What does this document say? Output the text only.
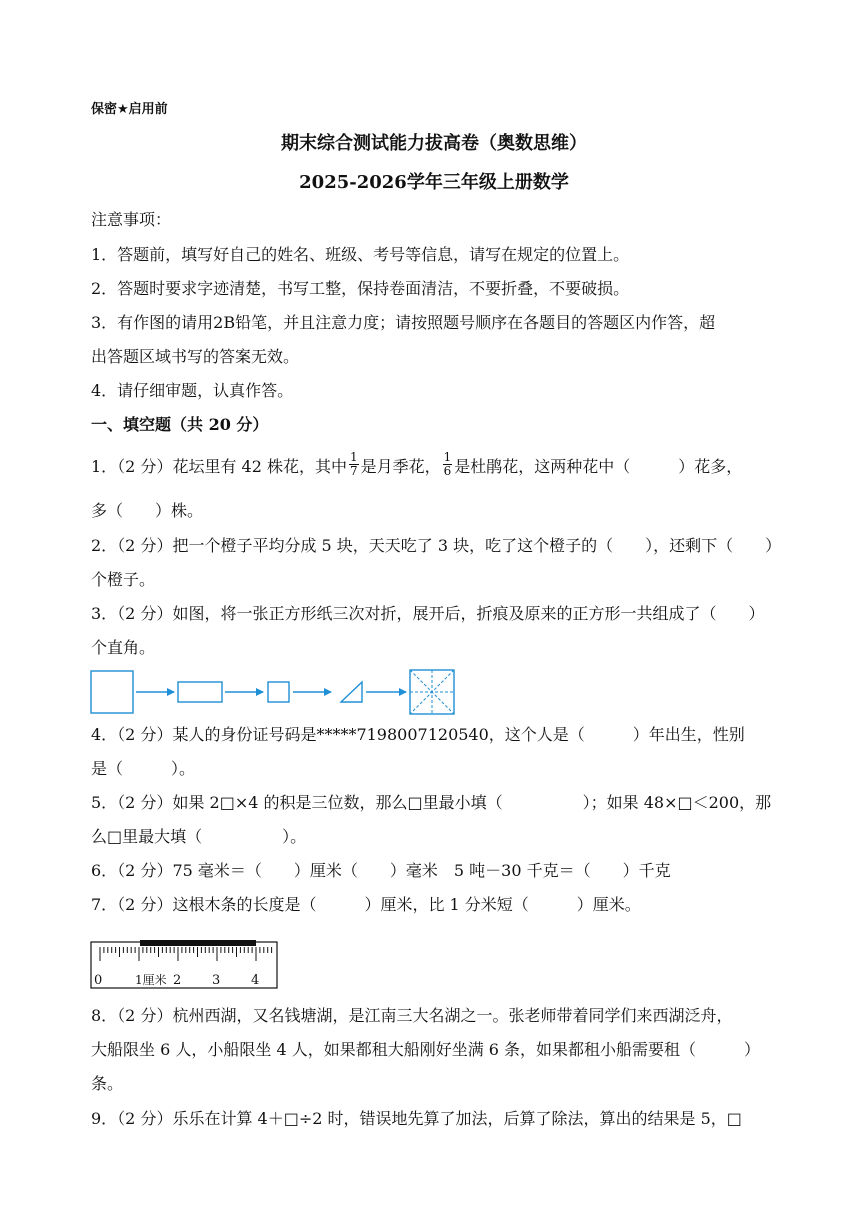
保密★启用前
期末综合测试能力拔高卷（奥数思维）
2025-2026学年三年级上册数学
注意事项：
1．答题前，填写好自己的姓名、班级、考号等信息，请写在规定的位置上。
2．答题时要求字迹清楚，书写工整，保持卷面清洁，不要折叠，不要破损。
3．有作图的请用2B铅笔，并且注意力度；请按照题号顺序在各题目的答题区内作答，超
出答题区域书写的答案无效。
4．请仔细审题，认真作答。
一、填空题（共 20 分）
1．（2 分）花坛里有 42 株花，其中 $\frac{1}{7}$ 是月季花， $\frac{1}{6}$ 是杜鹃花，这两种花中（　　　）花多，
多（　　）株。
2．（2 分）把一个橙子平均分成 5 块，天天吃了 3 块，吃了这个橙子的（　　），还剩下（　　）
个橙子。
3．（2 分）如图，将一张正方形纸三次对折，展开后，折痕及原来的正方形一共组成了（　　）
个直角。
4．（2 分）某人的身份证号码是*****7198007120540，这个人是（　　　）年出生，性别
是（　　　）。
5．（2 分）如果 2□×4 的积是三位数，那么□里最小填（　　　　　）；如果 48×□＜200，那
么□里最大填（　　　　　）。
6．（2 分）75 毫米＝（　　）厘米（　　）毫米　5 吨－30 千克＝（　　）千克
7．（2 分）这根木条的长度是（　　　）厘米，比 1 分米短（　　　）厘米。
0	1厘米 2 3 4
8．（2 分）杭州西湖，又名钱塘湖，是江南三大名湖之一。张老师带着同学们来西湖泛舟，
大船限坐 6 人，小船限坐 4 人，如果都租大船刚好坐满 6 条，如果都租小船需要租（　　　）
条。
9．（2 分）乐乐在计算 4＋□÷2 时，错误地先算了加法，后算了除法，算出的结果是 5，□
